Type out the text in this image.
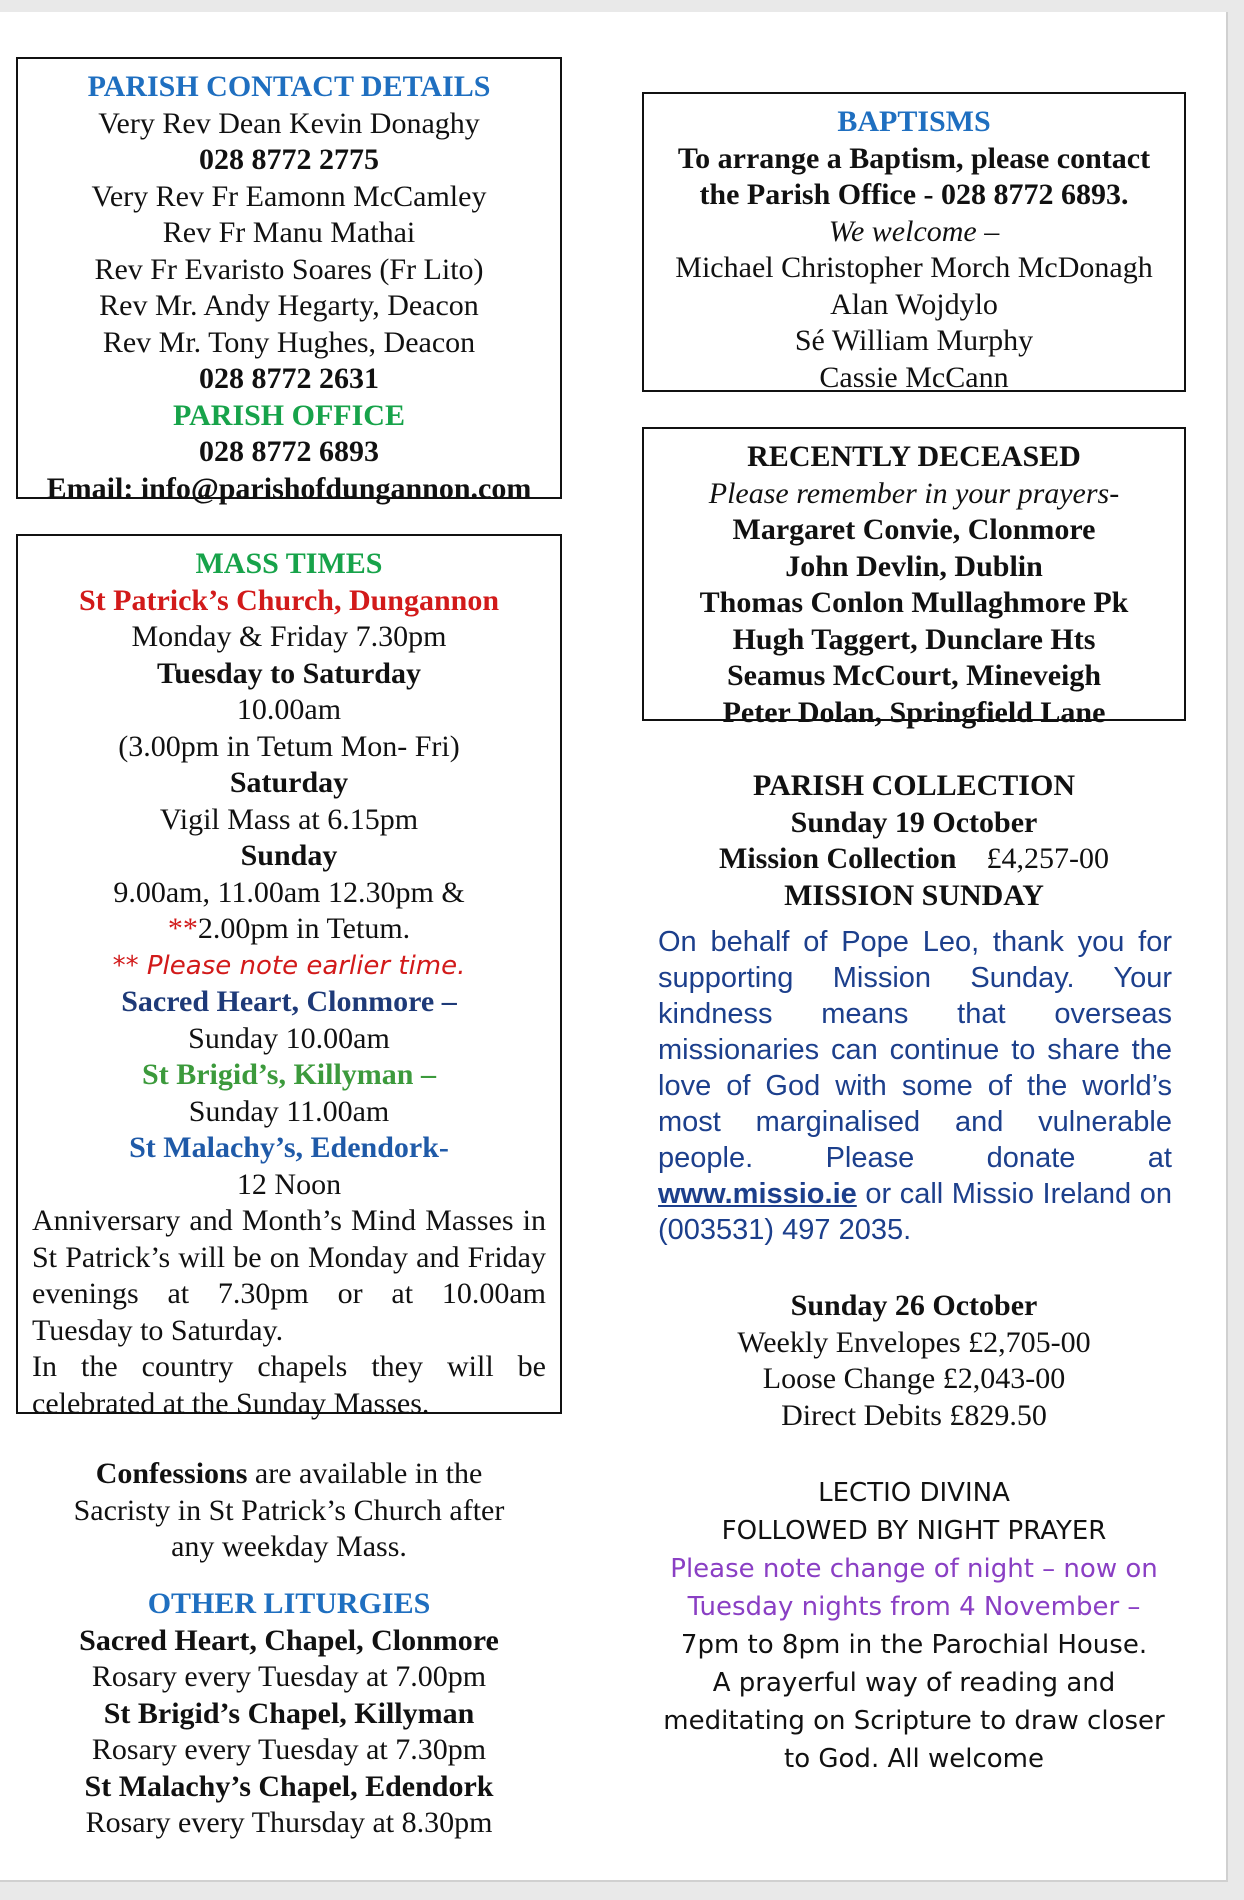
PARISH CONTACT DETAILS
Very Rev Dean Kevin Donaghy
028 8772 2775
Very Rev Fr Eamonn McCamley
Rev Fr Manu Mathai
Rev Fr Evaristo Soares (Fr Lito)
Rev Mr. Andy Hegarty, Deacon
Rev Mr. Tony Hughes, Deacon
028 8772 2631
PARISH OFFICE
028 8772 6893
Email: info@parishofdungannon.com
MASS TIMES
St Patrick’s Church, Dungannon
Monday & Friday 7.30pm
Tuesday to Saturday
10.00am
(3.00pm in Tetum Mon- Fri)
Saturday
Vigil Mass at 6.15pm
Sunday
9.00am, 11.00am 12.30pm &
**2.00pm in Tetum.
** Please note earlier time.
Sacred Heart, Clonmore –
Sunday 10.00am
St Brigid’s, Killyman –
Sunday 11.00am
St Malachy’s, Edendork-
12 Noon
Anniversary and Month’s Mind Masses in St Patrick’s will be on Monday and Friday evenings at 7.30pm or at 10.00am Tuesday to Saturday.
In the country chapels they will be celebrated at the Sunday Masses.
Confessions are available in the
Sacristy in St Patrick’s Church after
any weekday Mass.
OTHER LITURGIES
Sacred Heart, Chapel, Clonmore
Rosary every Tuesday at 7.00pm
St Brigid’s Chapel, Killyman
Rosary every Tuesday at 7.30pm
St Malachy’s Chapel, Edendork
Rosary every Thursday at 8.30pm
BAPTISMS
To arrange a Baptism, please contact
the Parish Office - 028 8772 6893.
We welcome –
Michael Christopher Morch McDonagh
Alan Wojdylo
Sé William Murphy
Cassie McCann
RECENTLY DECEASED
Please remember in your prayers-
Margaret Convie, Clonmore
John Devlin, Dublin
Thomas Conlon Mullaghmore Pk
Hugh Taggert, Dunclare Hts
Seamus McCourt, Mineveigh
Peter Dolan, Springfield Lane
PARISH COLLECTION
Sunday 19 October
Mission Collection £4,257-00
MISSION SUNDAY
On behalf of Pope Leo, thank you for supporting Mission Sunday. Your kindness means that overseas missionaries can continue to share the love of God with some of the world’s most marginalised and vulnerable people. Please donate at www.missio.ie or call Missio Ireland on (003531) 497 2035.
Sunday 26 October
Weekly Envelopes £2,705-00
Loose Change £2,043-00
Direct Debits £829.50
LECTIO DIVINA
FOLLOWED BY NIGHT PRAYER
Please note change of night – now on
Tuesday nights from 4 November –
7pm to 8pm in the Parochial House.
A prayerful way of reading and
meditating on Scripture to draw closer
to God. All welcome
